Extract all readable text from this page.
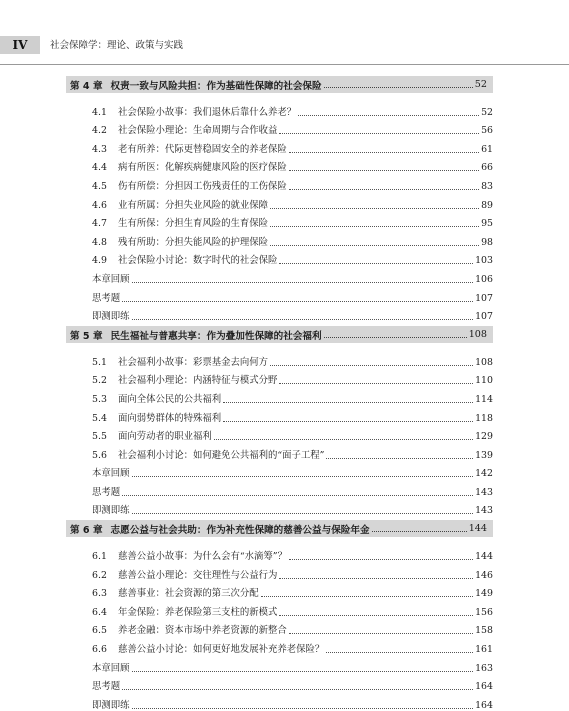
IV	社会保障学：理论、政策与实践
第 4 章 权责一致与风险共担：作为基础性保障的社会保险	52
4.1	社会保险小故事：我们退休后靠什么养老？	52
4.2	社会保险小理论：生命周期与合作收益	56
4.3	老有所养：代际更替稳固安全的养老保险	61
4.4	病有所医：化解疾病健康风险的医疗保险	66
4.5	伤有所偿：分担因工伤残责任的工伤保险	83
4.6	业有所属：分担失业风险的就业保障	89
4.7	生有所保：分担生育风险的生育保险	95
4.8	残有所助：分担失能风险的护理保险	98
4.9	社会保险小讨论：数字时代的社会保险	103
本章回顾	106
思考题	107
即测即练	107
第 5 章 民生福祉与普惠共享：作为叠加性保障的社会福利	108
5.1	社会福利小故事：彩票基金去向何方	108
5.2	社会福利小理论：内涵特征与模式分野	110
5.3	面向全体公民的公共福利	114
5.4	面向弱势群体的特殊福利	118
5.5	面向劳动者的职业福利	129
5.6	社会福利小讨论：如何避免公共福利的“面子工程”	139
本章回顾	142
思考题	143
即测即练	143
第 6 章 志愿公益与社会共助：作为补充性保障的慈善公益与保险年金	144
6.1	慈善公益小故事：为什么会有“水滴筹”？	144
6.2	慈善公益小理论：交往理性与公益行为	146
6.3	慈善事业：社会资源的第三次分配	149
6.4	年金保险：养老保险第三支柱的新模式	156
6.5	养老金融：资本市场中养老资源的新整合	158
6.6	慈善公益小讨论：如何更好地发展补充养老保险？	161
本章回顾	163
思考题	164
即测即练	164
